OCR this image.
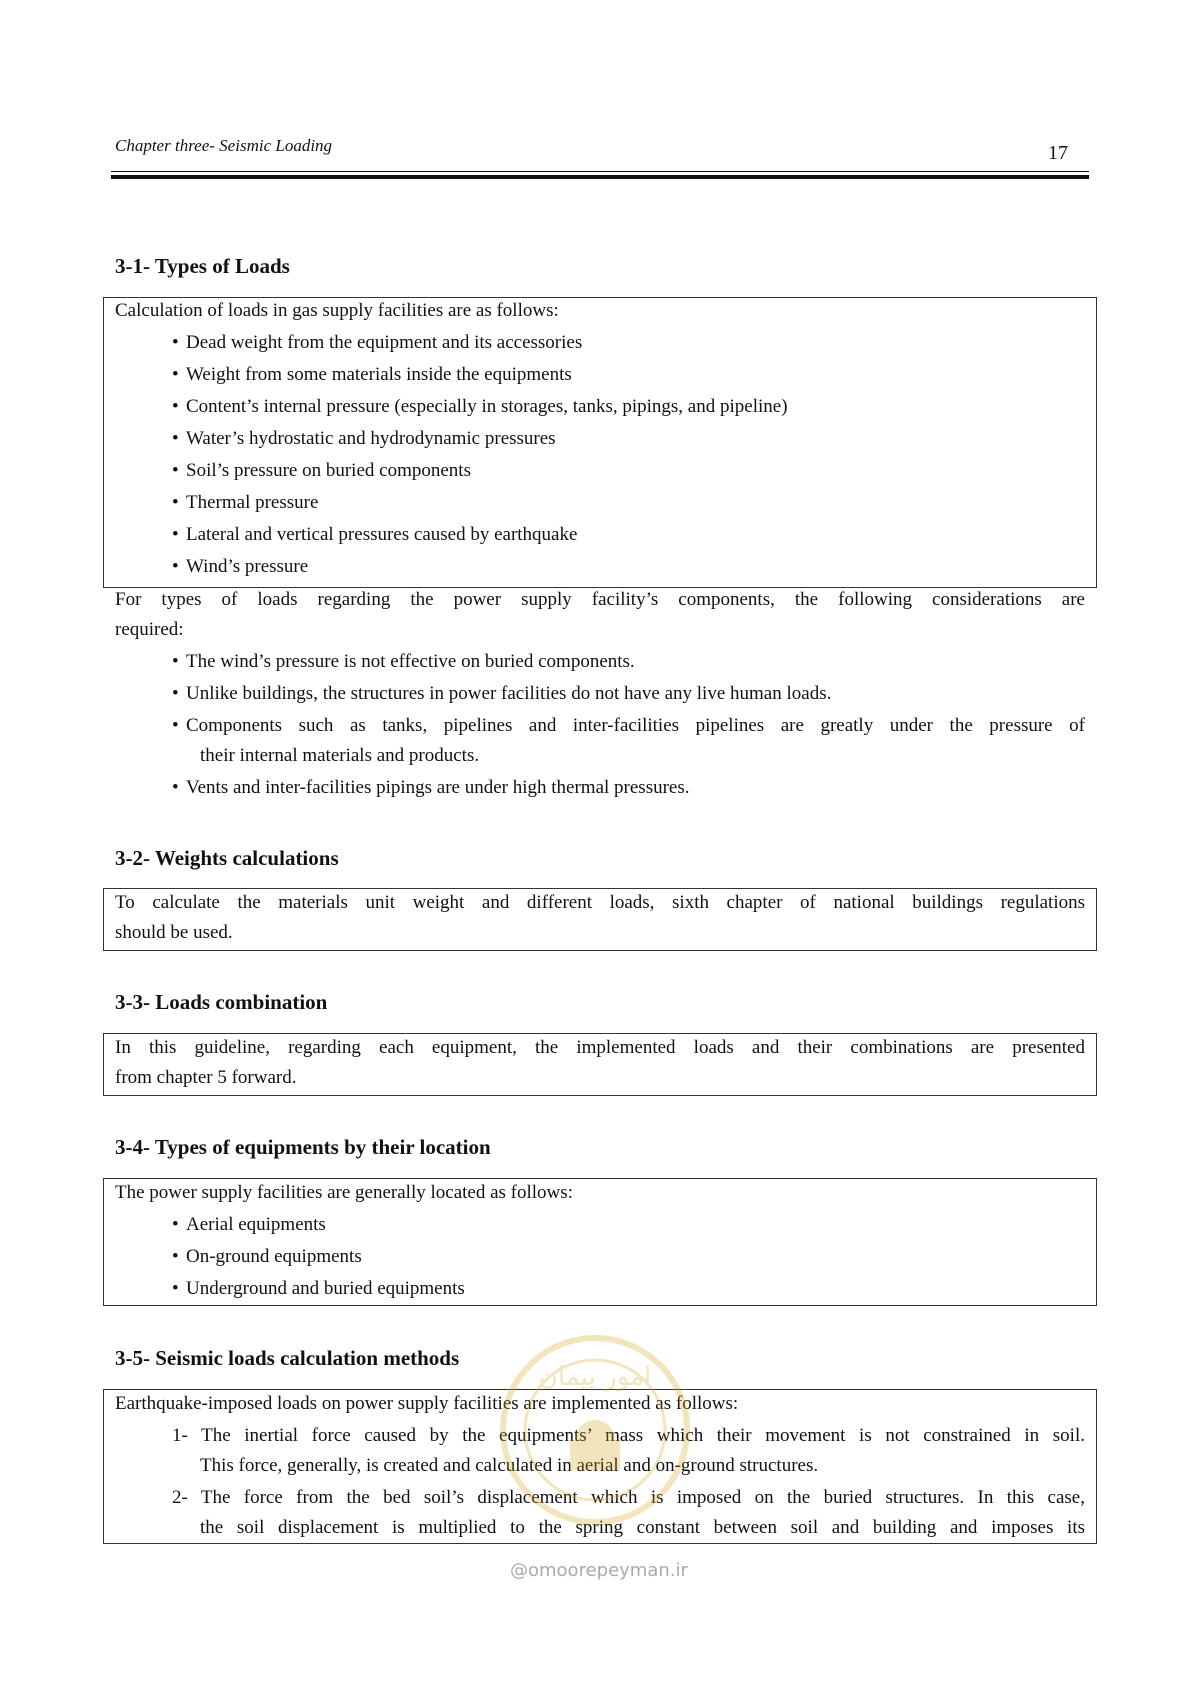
Chapter three- Seismic Loading	17
3-1- Types of Loads
Calculation of loads in gas supply facilities are as follows:
• Dead weight from the equipment and its accessories
• Weight from some materials inside the equipments
• Content’s internal pressure (especially in storages, tanks, pipings, and pipeline)
• Water’s hydrostatic and hydrodynamic pressures
• Soil’s pressure on buried components
• Thermal pressure
• Lateral and vertical pressures caused by earthquake
• Wind’s pressure
For types of loads regarding the power supply facility’s components, the following considerations are
required:
• The wind’s pressure is not effective on buried components.
• Unlike buildings, the structures in power facilities do not have any live human loads.
• Components such as tanks, pipelines and inter-facilities pipelines are greatly under the pressure of
their internal materials and products.
• Vents and inter-facilities pipings are under high thermal pressures.
3-2- Weights calculations
To calculate the materials unit weight and different loads, sixth chapter of national buildings regulations
should be used.
3-3- Loads combination
In this guideline, regarding each equipment, the implemented loads and their combinations are presented
from chapter 5 forward.
3-4- Types of equipments by their location
The power supply facilities are generally located as follows:
• Aerial equipments
• On-ground equipments
• Underground and buried equipments
3-5- Seismic loads calculation methods
Earthquake-imposed loads on power supply facilities are implemented as follows:
1- The inertial force caused by the equipments’ mass which their movement is not constrained in soil.
This force, generally, is created and calculated in aerial and on-ground structures.
2- The force from the bed soil’s displacement which is imposed on the buried structures. In this case,
the soil displacement is multiplied to the spring constant between soil and building and imposes its
امور پیمان
@omoorepeyman.ir
